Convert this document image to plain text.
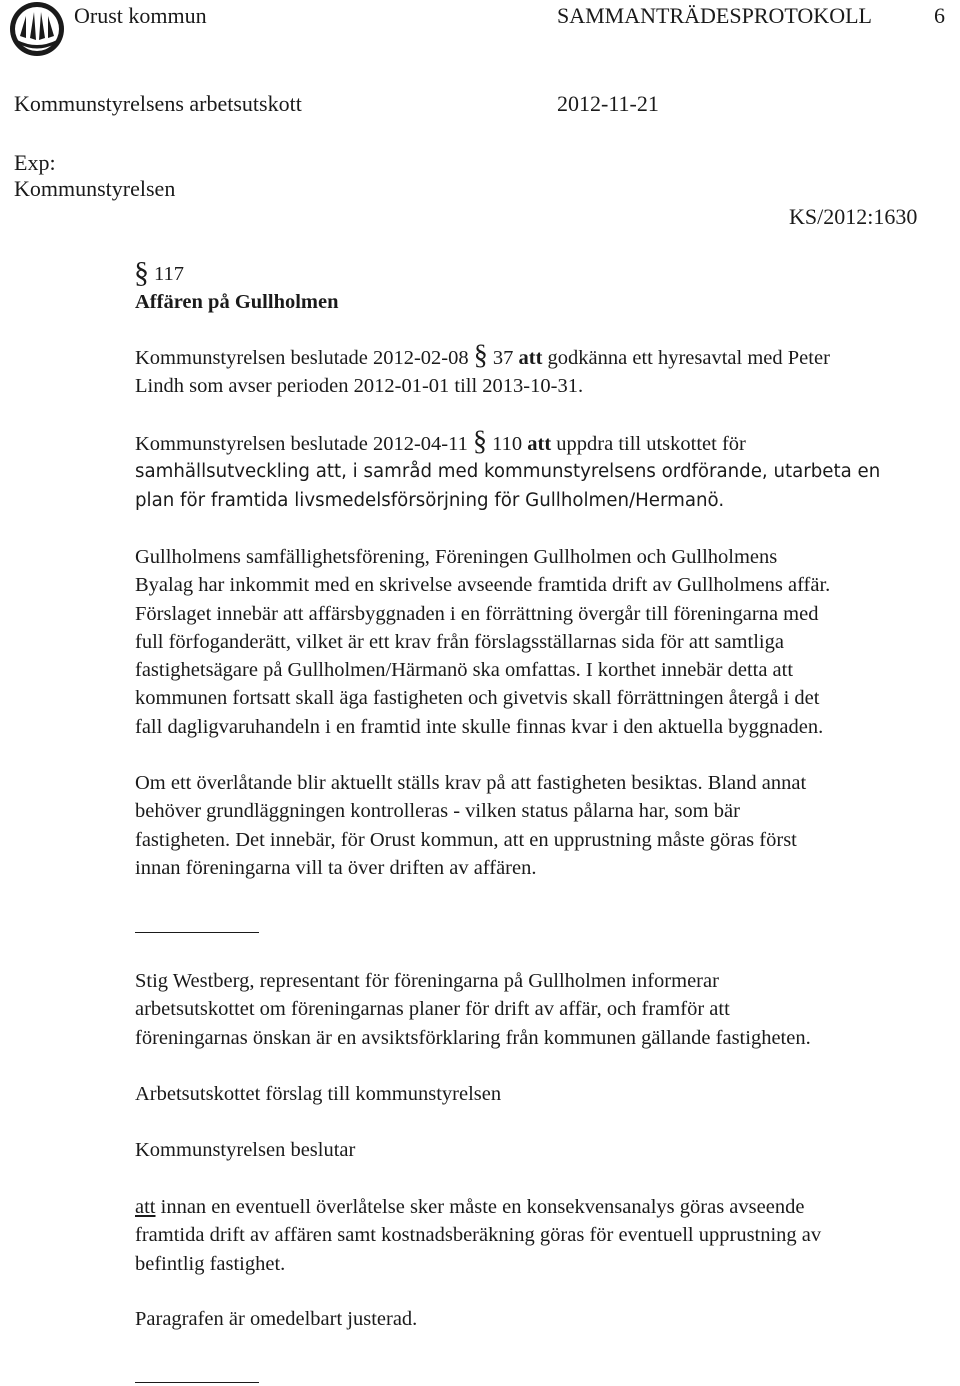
Orust kommun	SAMMANTRÄDESPROTOKOLL	6
Kommunstyrelsens arbetsutskott	2012-11-21
Exp:
Kommunstyrelsen
KS/2012:1630
§ 117
Affären på Gullholmen
Kommunstyrelsen beslutade 2012-02-08 § 37 att godkänna ett hyresavtal med Peter
Lindh som avser perioden 2012-01-01 till 2013-10-31.
Kommunstyrelsen beslutade 2012-04-11 § 110 att uppdra till utskottet för
samhällsutveckling att, i samråd med kommunstyrelsens ordförande, utarbeta en
plan för framtida livsmedelsförsörjning för Gullholmen/Hermanö.
Gullholmens samfällighetsförening, Föreningen Gullholmen och Gullholmens
Byalag har inkommit med en skrivelse avseende framtida drift av Gullholmens affär.
Förslaget innebär att affärsbyggnaden i en förrättning övergår till föreningarna med
full förfoganderätt, vilket är ett krav från förslagsställarnas sida för att samtliga
fastighetsägare på Gullholmen/Härmanö ska omfattas. I korthet innebär detta att
kommunen fortsatt skall äga fastigheten och givetvis skall förrättningen återgå i det
fall dagligvaruhandeln i en framtid inte skulle finnas kvar i den aktuella byggnaden.
Om ett överlåtande blir aktuellt ställs krav på att fastigheten besiktas. Bland annat
behöver grundläggningen kontrolleras - vilken status pålarna har, som bär
fastigheten. Det innebär, för Orust kommun, att en upprustning måste göras först
innan föreningarna vill ta över driften av affären.
Stig Westberg, representant för föreningarna på Gullholmen informerar
arbetsutskottet om föreningarnas planer för drift av affär, och framför att
föreningarnas önskan är en avsiktsförklaring från kommunen gällande fastigheten.
Arbetsutskottet förslag till kommunstyrelsen
Kommunstyrelsen beslutar
att innan en eventuell överlåtelse sker måste en konsekvensanalys göras avseende
framtida drift av affären samt kostnadsberäkning göras för eventuell upprustning av
befintlig fastighet.
Paragrafen är omedelbart justerad.
